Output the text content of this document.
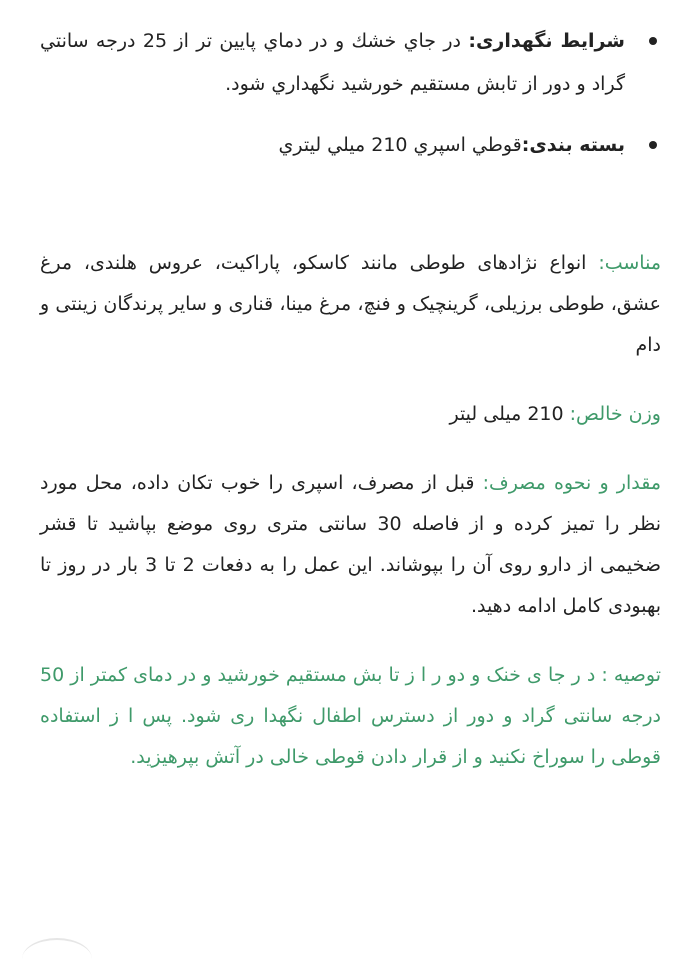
شرایط نگهداری: در جاي خشك و در دماي پايين تر از 25 درجه سانتي گراد و دور از تابش مستقيم خورشيد نگهداري شود.
بسته بندی:قوطي اسپري 210 ميلي ليتري

مناسب: انواع نژادهای طوطی مانند کاسکو، پاراکیت، عروس هلندی، مرغ عشق، طوطی برزیلی، گرینچیک و فنچ، مرغ مینا، قناری و سایر پرندگان زینتی و دام

وزن خالص: 210 میلی لیتر

مقدار و نحوه مصرف: قبل از مصرف، اسپری را خوب تکان داده، محل مورد نظر را تمیز کرده و از فاصله 30 سانتی متری روی موضع بپاشید تا قشر ضخیمی از دارو روی آن را بپوشاند. این عمل را به دفعات 2 تا 3 بار در روز تا بهبودی کامل ادامه دهید.

توصیه : د ر جا ی خنک و دو ر ا ز تا بش مستقیم خورشید و در دمای کمتر از 50 درجه سانتی گراد و دور از دسترس اطفال نگهدا ری شود. پس ا ز استفاده قوطی را سوراخ نکنید و از قرار دادن قوطی خالی در آتش بپرهیزید.
